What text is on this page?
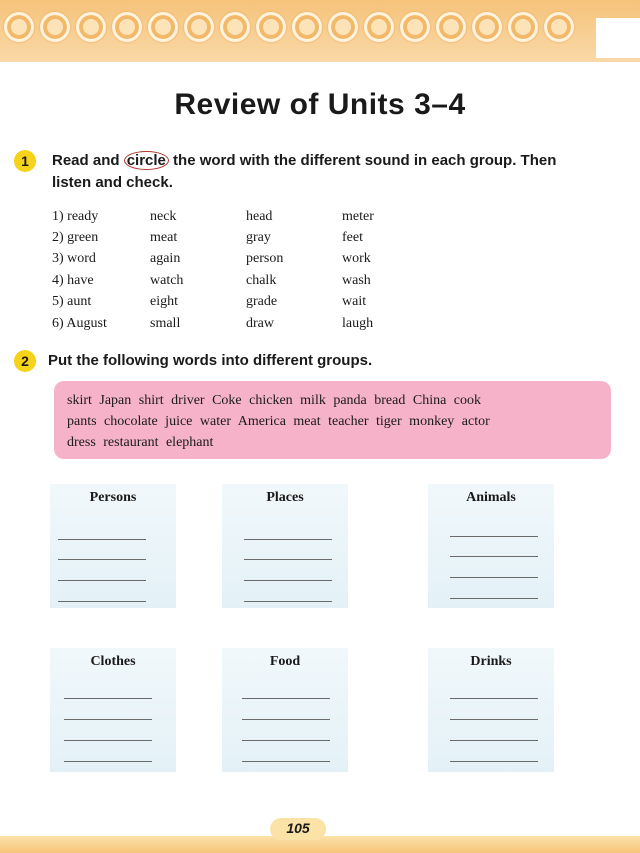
Review of Units 3–4
1	Read and circle the word with the different sound in each group. Then
listen and check.
1) ready	neck	head	meter
2) green	meat	gray	feet
3) word	again	person	work
4) have	watch	chalk	wash
5) aunt	eight	grade	wait
6) August	small	draw	laugh
2	Put the following words into different groups.
skirt Japan shirt driver Coke chicken milk panda bread China cook
pants chocolate juice water America meat teacher tiger monkey actor
dress restaurant elephant
Persons	Places	Animals
Clothes	Food	Drinks
105
